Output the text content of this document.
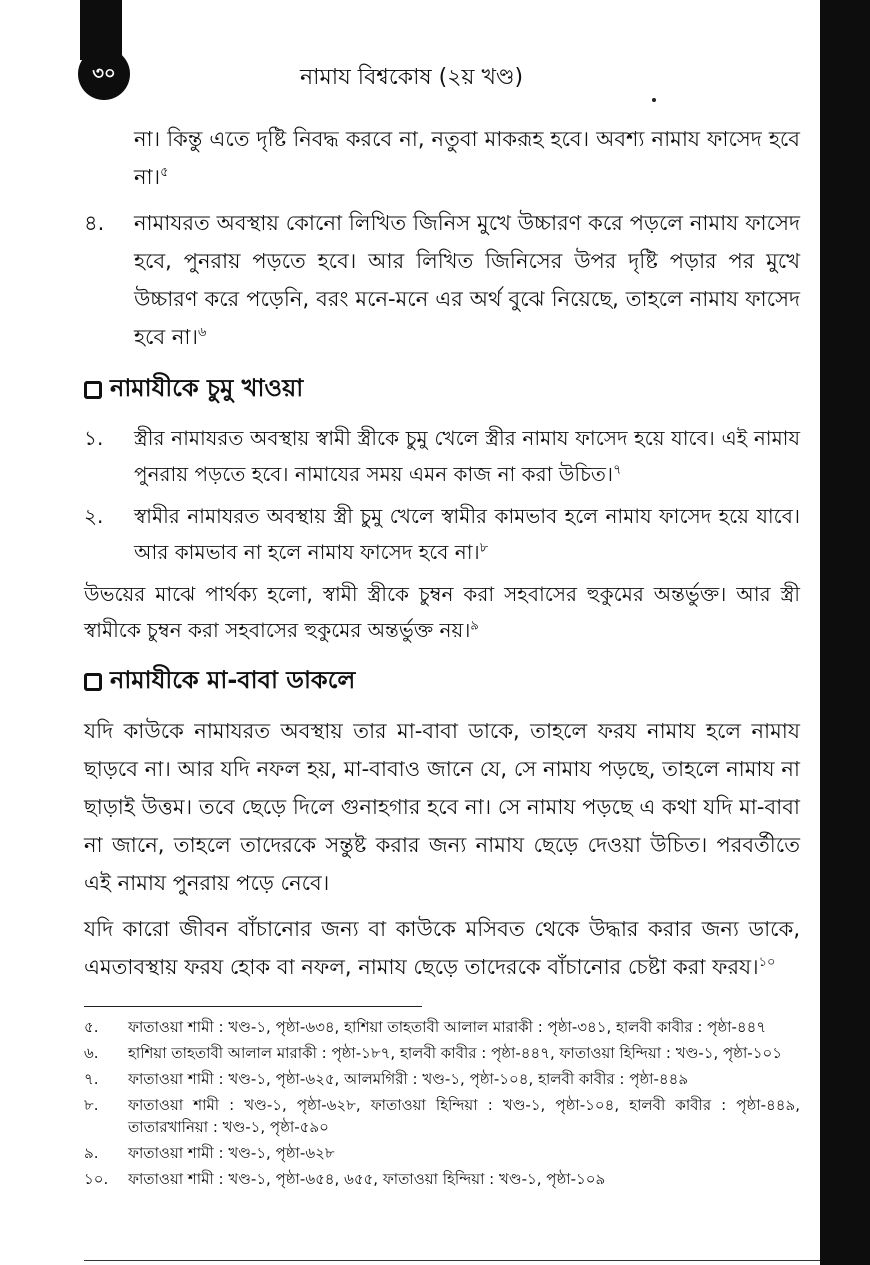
৩০	নামায বিশ্বকোষ (২য় খণ্ড)

না। কিন্তু এতে দৃষ্টি নিবদ্ধ করবে না, নতুবা মাকরূহ হবে। অবশ্য নামায ফাসেদ হবে না।$^৫$

৪. নামাযরত অবস্থায় কোনো লিখিত জিনিস মুখে উচ্চারণ করে পড়লে নামায ফাসেদ হবে, পুনরায় পড়তে হবে। আর লিখিত জিনিসের উপর দৃষ্টি পড়ার পর মুখে উচ্চারণ করে পড়েনি, বরং মনে-মনে এর অর্থ বুঝে নিয়েছে, তাহলে নামায ফাসেদ হবে না।$^৬$
নামাযীকে চুমু খাওয়া
১. স্ত্রীর নামাযরত অবস্থায় স্বামী স্ত্রীকে চুমু খেলে স্ত্রীর নামায ফাসেদ হয়ে যাবে। এই নামায পুনরায় পড়তে হবে। নামাযের সময় এমন কাজ না করা উচিত।$^৭$
২. স্বামীর নামাযরত অবস্থায় স্ত্রী চুমু খেলে স্বামীর কামভাব হলে নামায ফাসেদ হয়ে যাবে। আর কামভাব না হলে নামায ফাসেদ হবে না।$^৮$

উভয়ের মাঝে পার্থক্য হলো, স্বামী স্ত্রীকে চুম্বন করা সহবাসের হুকুমের অন্তর্ভুক্ত। আর স্ত্রী স্বামীকে চুম্বন করা সহবাসের হুকুমের অন্তর্ভুক্ত নয়।$^৯$

নামাযীকে মা-বাবা ডাকলে

যদি কাউকে নামাযরত অবস্থায় তার মা-বাবা ডাকে, তাহলে ফরয নামায হলে নামায ছাড়বে না। আর যদি নফল হয়, মা-বাবাও জানে যে, সে নামায পড়ছে, তাহলে নামায না ছাড়াই উত্তম। তবে ছেড়ে দিলে গুনাহগার হবে না। সে নামায পড়ছে এ কথা যদি মা-বাবা না জানে, তাহলে তাদেরকে সন্তুষ্ট করার জন্য নামায ছেড়ে দেওয়া উচিত। পরবর্তীতে এই নামায পুনরায় পড়ে নেবে।

যদি কারো জীবন বাঁচানোর জন্য বা কাউকে মসিবত থেকে উদ্ধার করার জন্য ডাকে, এমতাবস্থায় ফরয হোক বা নফল, নামায ছেড়ে তাদেরকে বাঁচানোর চেষ্টা করা ফরয।$^{১০}$

৫. ফাতাওয়া শামী : খণ্ড-১, পৃষ্ঠা-৬৩৪, হাশিয়া তাহতাবী আলাল মারাকী : পৃষ্ঠা-৩৪১, হালবী কাবীর : পৃষ্ঠা-৪৪৭
৬. হাশিয়া তাহতাবী আলাল মারাকী : পৃষ্ঠা-১৮৭, হালবী কাবীর : পৃষ্ঠা-৪৪৭, ফাতাওয়া হিন্দিয়া : খণ্ড-১, পৃষ্ঠা-১০১
৭. ফাতাওয়া শামী : খণ্ড-১, পৃষ্ঠা-৬২৫, আলমগিরী : খণ্ড-১, পৃষ্ঠা-১০৪, হালবী কাবীর : পৃষ্ঠা-৪৪৯
৮. ফাতাওয়া শামী : খণ্ড-১, পৃষ্ঠা-৬২৮, ফাতাওয়া হিন্দিয়া : খণ্ড-১, পৃষ্ঠা-১০৪, হালবী কাবীর : পৃষ্ঠা-৪৪৯, তাতারখানিয়া : খণ্ড-১, পৃষ্ঠা-৫৯০
৯. ফাতাওয়া শামী : খণ্ড-১, পৃষ্ঠা-৬২৮
১০. ফাতাওয়া শামী : খণ্ড-১, পৃষ্ঠা-৬৫৪, ৬৫৫, ফাতাওয়া হিন্দিয়া : খণ্ড-১, পৃষ্ঠা-১০৯
